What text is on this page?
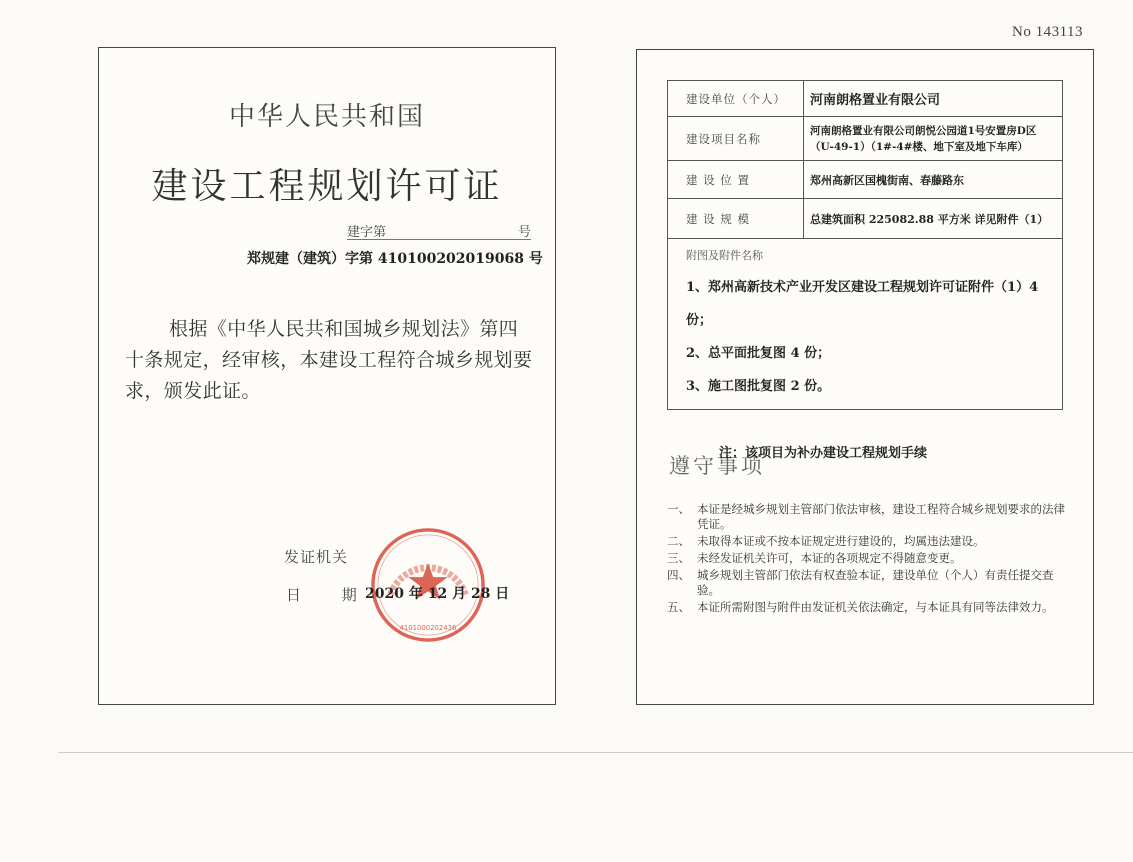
No 143113
中华人民共和国
建设工程规划许可证
建字第	号
郑规建（建筑）字第 410100202019068 号
根据《中华人民共和国城乡规划法》第四十条规定，经审核，本建设工程符合城乡规划要求，颁发此证。
发证机关
日	期
4101000202436
2020 年 12 月 28 日
建设单位（个人）	河南朗格置业有限公司
建设项目名称	河南朗格置业有限公司朗悦公园道1号安置房D区（U-49-1）（1#-4#楼、地下室及地下车库）
建 设 位 置	郑州高新区国槐街南、春藤路东
建 设 规 模	总建筑面积 225082.88 平方米 详见附件（1）

附图及附件名称
1、郑州高新技术产业开发区建设工程规划许可证附件（1）4份；
2、总平面批复图 4 份；
3、施工图批复图 2 份。	
遵守事项
注：该项目为补办建设工程规划手续
一、 本证是经城乡规划主管部门依法审核，建设工程符合城乡规划要求的法律凭证。
二、 未取得本证或不按本证规定进行建设的，均属违法建设。
三、 未经发证机关许可，本证的各项规定不得随意变更。
四、 城乡规划主管部门依法有权查验本证，建设单位（个人）有责任提交查验。
五、 本证所需附图与附件由发证机关依法确定，与本证具有同等法律效力。
